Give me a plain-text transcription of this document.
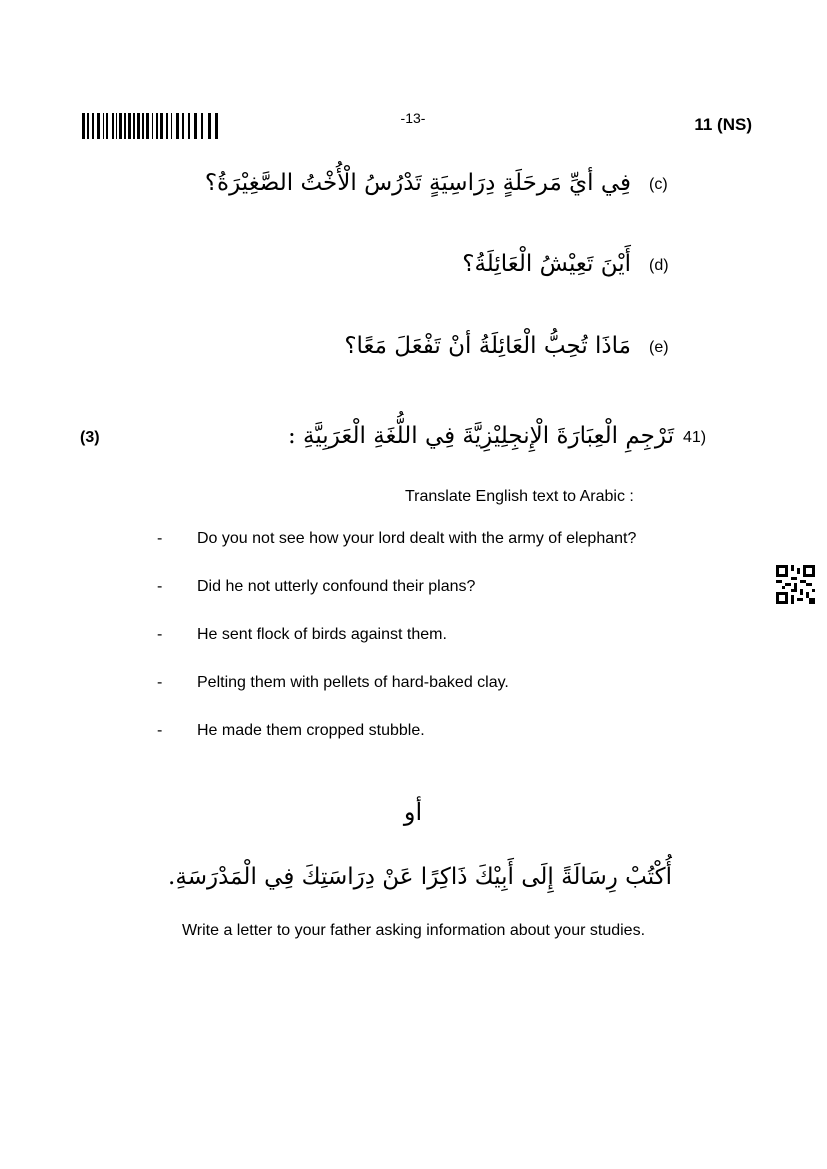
-13-	11 (NS)
فِي أيِّ مَرحَلَةٍ دِرَاسِيَةٍ تَدْرُسُ الْأُخْتُ الصَّغِيْرَةُ؟ (c)
أَيْنَ تَعِيْشُ الْعَائِلَةُ؟ (d)
مَاذَا تُحِبُّ الْعَائِلَةُ أنْ تَفْعَلَ مَعًا؟ (e)
تَرْجِمِ الْعِبَارَةَ الْإِنجِلِيْزِيَّةَ فِي اللُّغَةِ الْعَرَبِيَّةِ : 41)
(3)
Translate English text to Arabic :
- Do you not see how your lord dealt with the army of elephant?
- Did he not utterly confound their plans?
- He sent flock of birds against them.
- Pelting them with pellets of hard-baked clay.
- He made them cropped stubble.
أو
أُكْتُبْ رِسَالَةً إِلَى أَبِيْكَ ذَاكِرًا عَنْ دِرَاسَتِكَ فِي الْمَدْرَسَةِ.
Write a letter to your father asking information about your studies.
